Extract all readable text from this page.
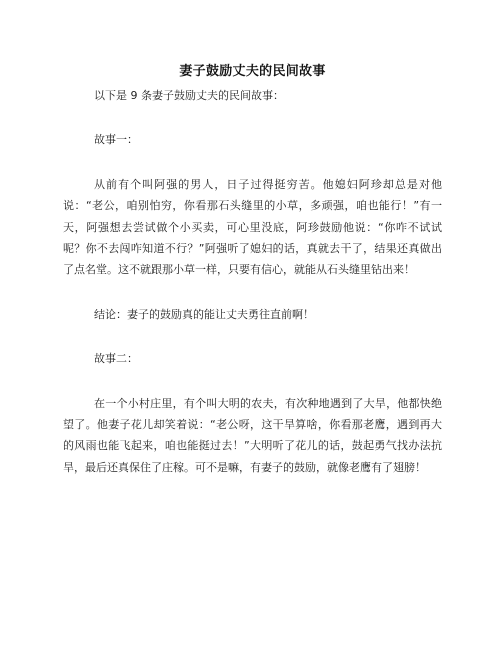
妻子鼓励丈夫的民间故事

以下是 9 条妻子鼓励丈夫的民间故事：

故事一：

从前有个叫阿强的男人，日子过得挺穷苦。他媳妇阿珍却总是对他说：“老公，咱别怕穷，你看那石头缝里的小草，多顽强，咱也能行！”有一天，阿强想去尝试做个小买卖，可心里没底，阿珍鼓励他说：“你咋不试试呢？你不去闯咋知道不行？”阿强听了媳妇的话，真就去干了，结果还真做出了点名堂。这不就跟那小草一样，只要有信心，就能从石头缝里钻出来！

结论：妻子的鼓励真的能让丈夫勇往直前啊！

故事二：

在一个小村庄里，有个叫大明的农夫，有次种地遇到了大旱，他都快绝望了。他妻子花儿却笑着说：“老公呀，这干旱算啥，你看那老鹰，遇到再大的风雨也能飞起来，咱也能挺过去！”大明听了花儿的话，鼓起勇气找办法抗旱，最后还真保住了庄稼。可不是嘛，有妻子的鼓励，就像老鹰有了翅膀！
